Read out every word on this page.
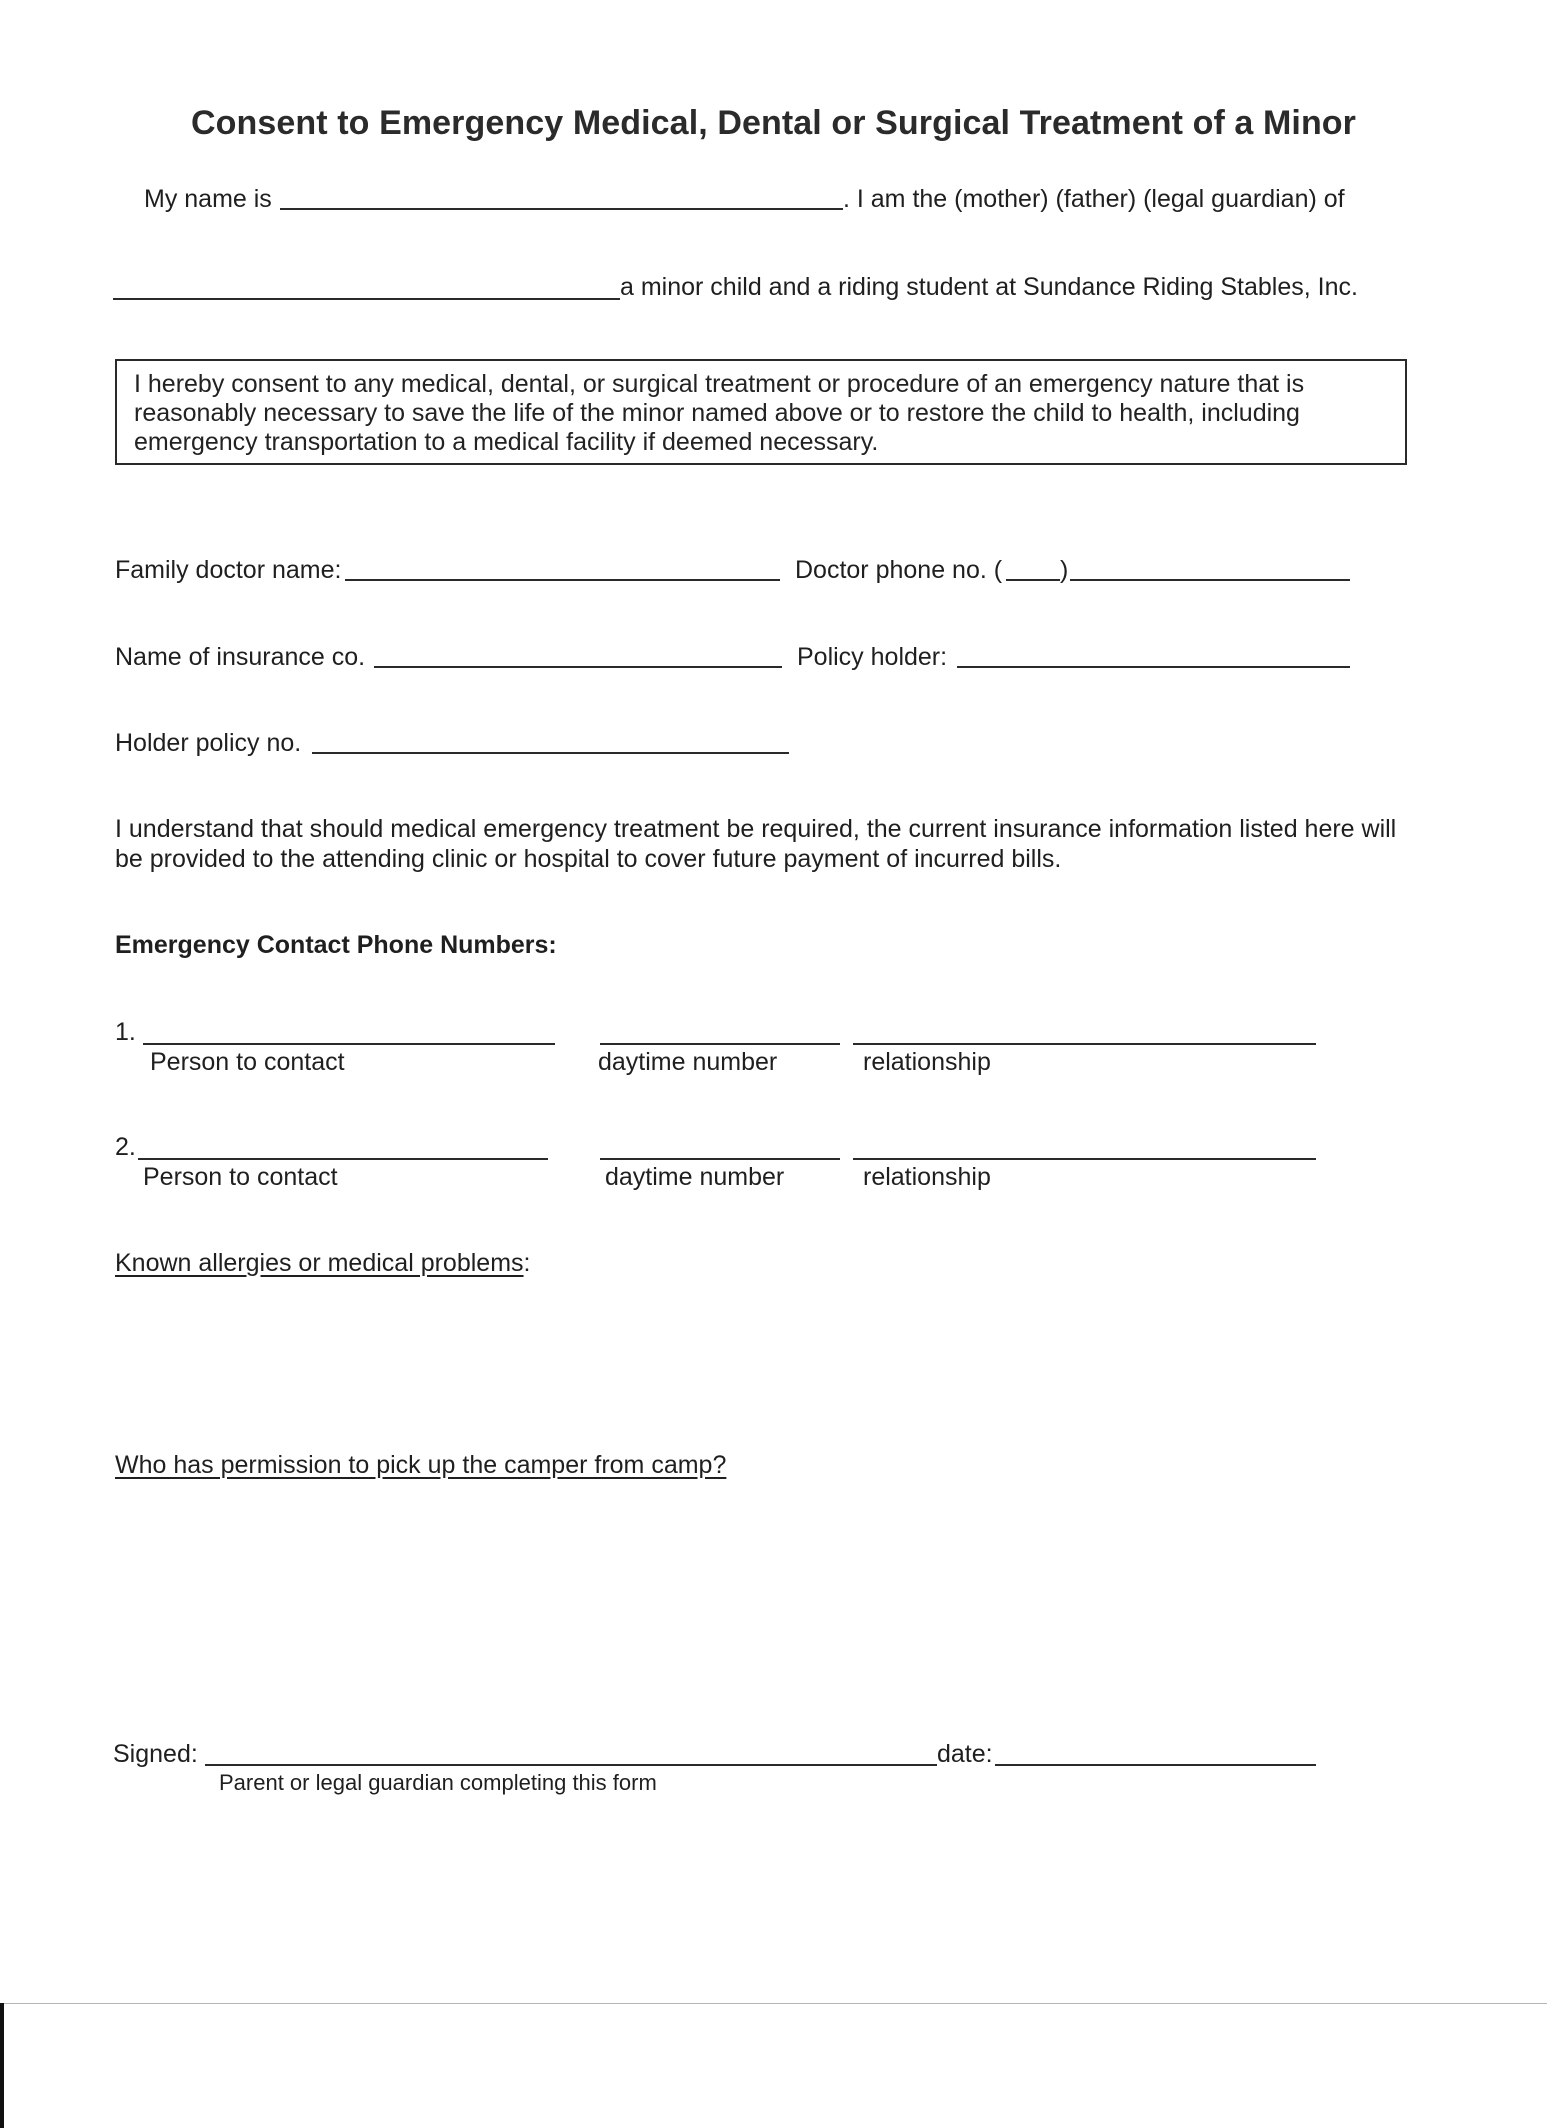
Consent to Emergency Medical, Dental or Surgical Treatment of a Minor
My name is	. I am the (mother) (father) (legal guardian) of
a minor child and a riding student at Sundance Riding Stables, Inc.
I hereby consent to any medical, dental, or surgical treatment or procedure of an emergency nature that is reasonably necessary to save the life of the minor named above or to restore the child to health, including emergency transportation to a medical facility if deemed necessary.
Family doctor name:	Doctor phone no. ( )
Name of insurance co.	Policy holder:
Holder policy no.
I understand that should medical emergency treatment be required, the current insurance information listed here will be provided to the attending clinic or hospital to cover future payment of incurred bills.
Emergency Contact Phone Numbers:
1.
Person to contact	daytime number	relationship
2.
Person to contact	daytime number	relationship
Known allergies or medical problems:
Who has permission to pick up the camper from camp?
Signed:	date:
Parent or legal guardian completing this form
